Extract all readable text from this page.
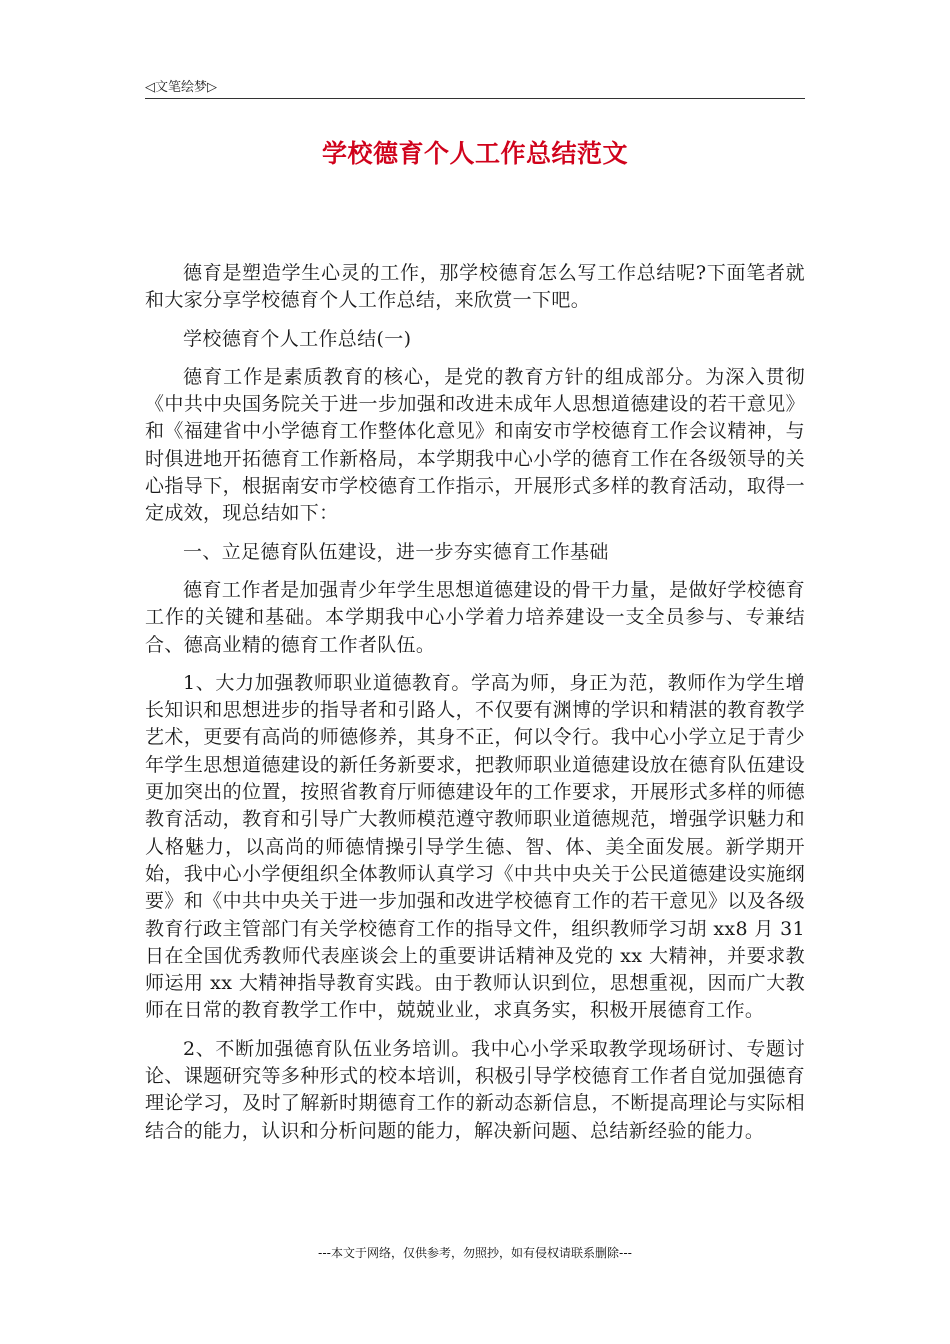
◁文笔绘梦▷
学校德育个人工作总结范文

德育是塑造学生心灵的工作，那学校德育怎么写工作总结呢?下面笔者就和大家分享学校德育个人工作总结，来欣赏一下吧。

学校德育个人工作总结(一)

德育工作是素质教育的核心，是党的教育方针的组成部分。为深入贯彻《中共中央国务院关于进一步加强和改进未成年人思想道德建设的若干意见》和《福建省中小学德育工作整体化意见》和南安市学校德育工作会议精神，与时俱进地开拓德育工作新格局，本学期我中心小学的德育工作在各级领导的关心指导下，根据南安市学校德育工作指示，开展形式多样的教育活动，取得一定成效，现总结如下：

一、立足德育队伍建设，进一步夯实德育工作基础

德育工作者是加强青少年学生思想道德建设的骨干力量，是做好学校德育工作的关键和基础。本学期我中心小学着力培养建设一支全员参与、专兼结合、德高业精的德育工作者队伍。

1、大力加强教师职业道德教育。学高为师，身正为范，教师作为学生增长知识和思想进步的指导者和引路人，不仅要有渊博的学识和精湛的教育教学艺术，更要有高尚的师德修养，其身不正，何以令行。我中心小学立足于青少年学生思想道德建设的新任务新要求，把教师职业道德建设放在德育队伍建设更加突出的位置，按照省教育厅师德建设年的工作要求，开展形式多样的师德教育活动，教育和引导广大教师模范遵守教师职业道德规范，增强学识魅力和人格魅力，以高尚的师德情操引导学生德、智、体、美全面发展。新学期开始，我中心小学便组织全体教师认真学习《中共中央关于公民道德建设实施纲要》和《中共中央关于进一步加强和改进学校德育工作的若干意见》以及各级教育行政主管部门有关学校德育工作的指导文件，组织教师学习胡 xx8 月 31 日在全国优秀教师代表座谈会上的重要讲话精神及党的 xx 大精神，并要求教师运用 xx 大精神指导教育实践。由于教师认识到位，思想重视，因而广大教师在日常的教育教学工作中，兢兢业业，求真务实，积极开展德育工作。

2、不断加强德育队伍业务培训。我中心小学采取教学现场研讨、专题讨论、课题研究等多种形式的校本培训，积极引导学校德育工作者自觉加强德育理论学习，及时了解新时期德育工作的新动态新信息，不断提高理论与实际相结合的能力，认识和分析问题的能力，解决新问题、总结新经验的能力。

---本文于网络，仅供参考，勿照抄，如有侵权请联系删除---
